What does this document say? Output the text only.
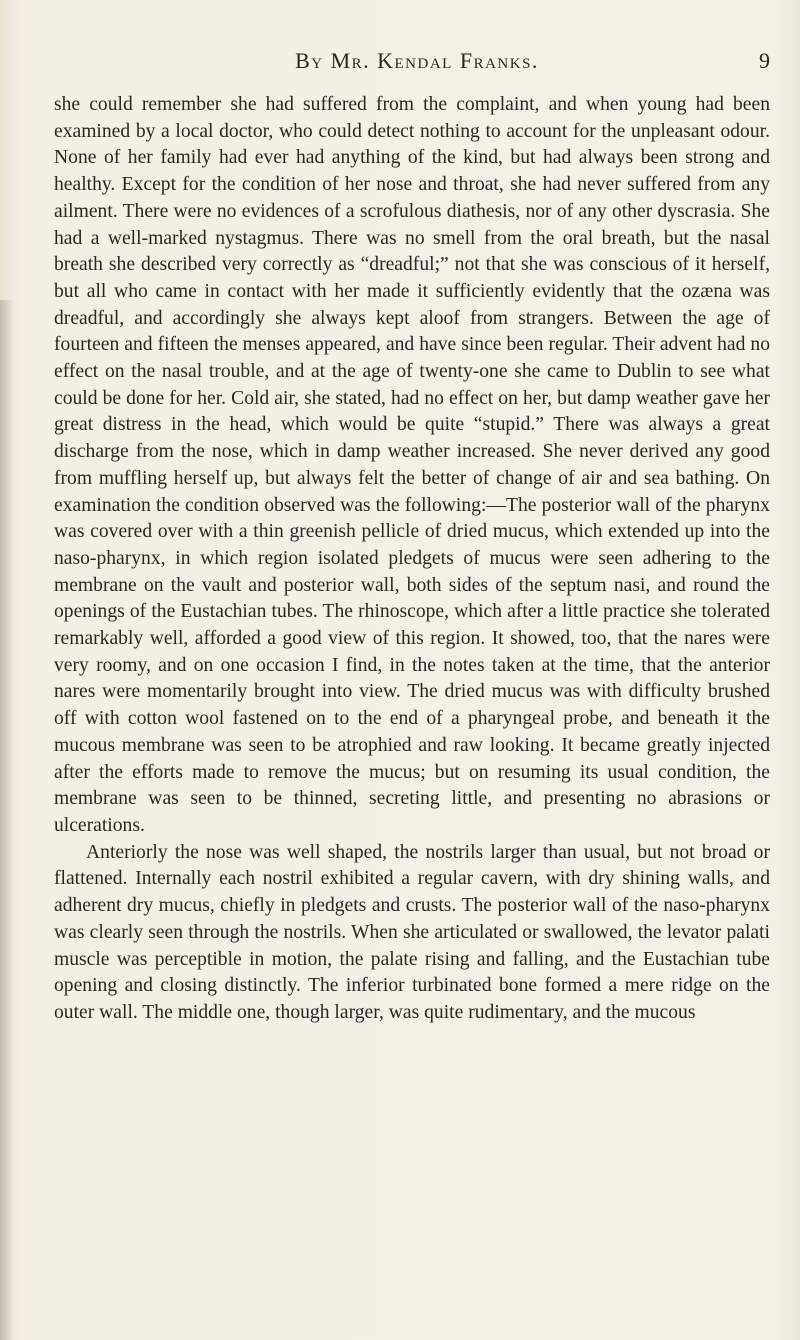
By Mr. Kendal Franks.	9

she could remember she had suffered from the complaint, and when young had been examined by a local doctor, who could detect nothing to account for the unpleasant odour. None of her family had ever had anything of the kind, but had always been strong and healthy. Except for the condition of her nose and throat, she had never suffered from any ailment. There were no evidences of a scrofulous diathesis, nor of any other dyscrasia. She had a well-marked nystagmus. There was no smell from the oral breath, but the nasal breath she described very correctly as “dreadful;” not that she was conscious of it herself, but all who came in contact with her made it sufficiently evidently that the ozæna was dreadful, and accordingly she always kept aloof from strangers. Between the age of fourteen and fifteen the menses appeared, and have since been regular. Their advent had no effect on the nasal trouble, and at the age of twenty-one she came to Dublin to see what could be done for her. Cold air, she stated, had no effect on her, but damp weather gave her great distress in the head, which would be quite “stupid.” There was always a great discharge from the nose, which in damp weather increased. She never derived any good from muffling herself up, but always felt the better of change of air and sea bathing. On examination the condition observed was the following:—The posterior wall of the pharynx was covered over with a thin greenish pellicle of dried mucus, which extended up into the naso-pharynx, in which region isolated pledgets of mucus were seen adhering to the membrane on the vault and posterior wall, both sides of the septum nasi, and round the openings of the Eustachian tubes. The rhinoscope, which after a little practice she tolerated remarkably well, afforded a good view of this region. It showed, too, that the nares were very roomy, and on one occasion I find, in the notes taken at the time, that the anterior nares were momentarily brought into view. The dried mucus was with difficulty brushed off with cotton wool fastened on to the end of a pharyngeal probe, and beneath it the mucous membrane was seen to be atrophied and raw looking. It became greatly injected after the efforts made to remove the mucus; but on resuming its usual condition, the membrane was seen to be thinned, secreting little, and presenting no abrasions or ulcerations.

Anteriorly the nose was well shaped, the nostrils larger than usual, but not broad or flattened. Internally each nostril exhibited a regular cavern, with dry shining walls, and adherent dry mucus, chiefly in pledgets and crusts. The posterior wall of the naso-pharynx was clearly seen through the nostrils. When she articulated or swallowed, the levator palati muscle was perceptible in motion, the palate rising and falling, and the Eustachian tube opening and closing distinctly. The inferior turbinated bone formed a mere ridge on the outer wall. The middle one, though larger, was quite rudimentary, and the mucous
